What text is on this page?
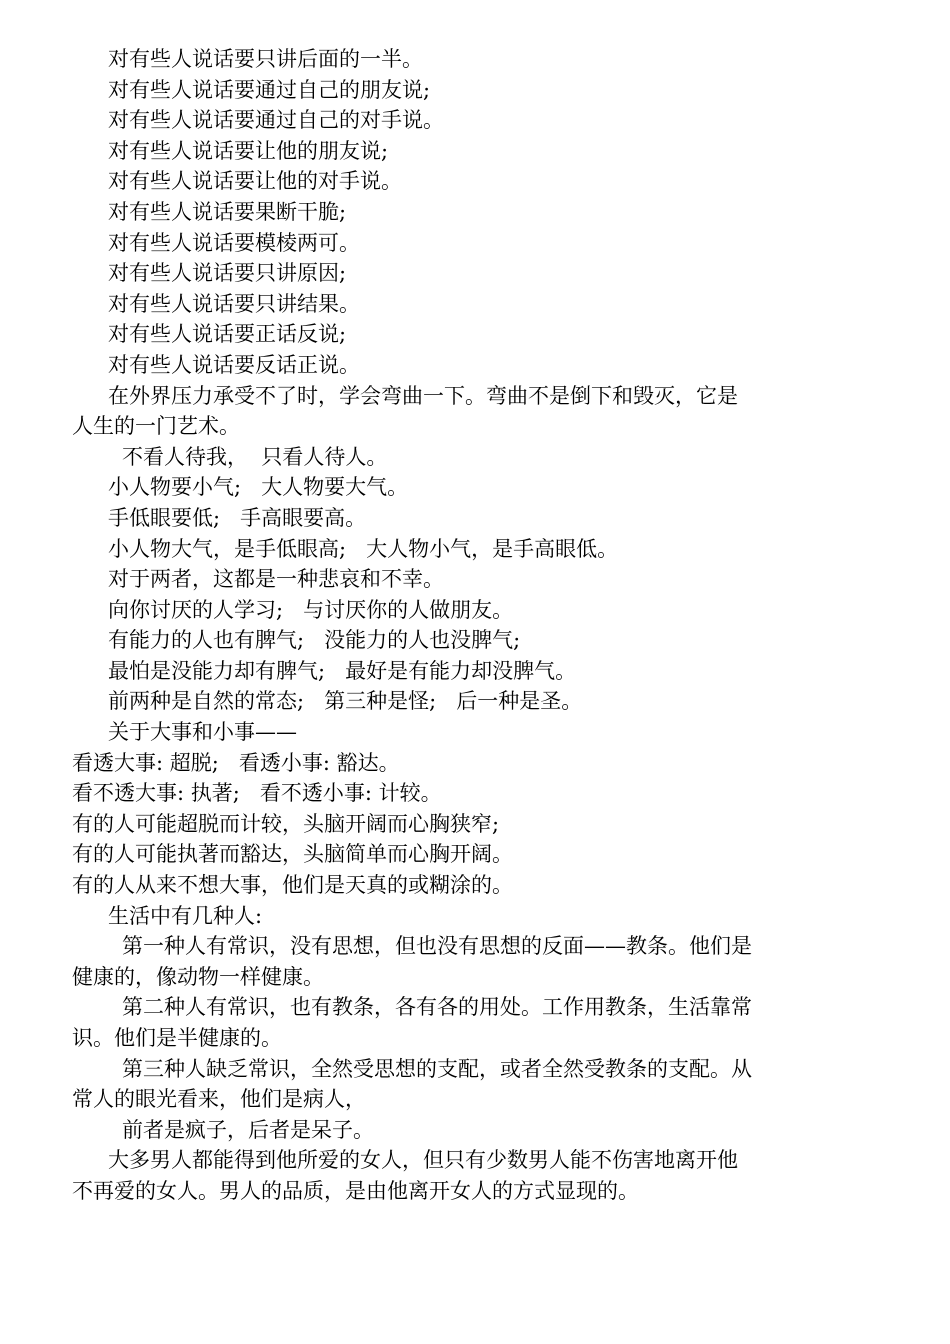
对有些人说话要只讲后面的一半。

对有些人说话要通过自己的朋友说;

对有些人说话要通过自己的对手说。

对有些人说话要让他的朋友说;

对有些人说话要让他的对手说。

对有些人说话要果断干脆;

对有些人说话要模棱两可。

对有些人说话要只讲原因;

对有些人说话要只讲结果。

对有些人说话要正话反说;

对有些人说话要反话正说。

在外界压力承受不了时，学会弯曲一下。弯曲不是倒下和毁灭，它是

人生的一门艺术。

不看人待我，  只看人待人。

小人物要小气;   大人物要大气。

手低眼要低;   手高眼要高。

小人物大气，是手低眼高;   大人物小气，是手高眼低。

对于两者，这都是一种悲哀和不幸。

向你讨厌的人学习;   与讨厌你的人做朋友。

有能力的人也有脾气;   没能力的人也没脾气;

最怕是没能力却有脾气;   最好是有能力却没脾气。

前两种是自然的常态;   第三种是怪;   后一种是圣。

关于大事和小事——

看透大事: 超脱;   看透小事: 豁达。

看不透大事: 执著;   看不透小事: 计较。

有的人可能超脱而计较，头脑开阔而心胸狭窄;

有的人可能执著而豁达，头脑简单而心胸开阔。

有的人从来不想大事，他们是天真的或糊涂的。

生活中有几种人:

第一种人有常识，没有思想，但也没有思想的反面——教条。他们是

健康的，像动物一样健康。

第二种人有常识，也有教条，各有各的用处。工作用教条，生活靠常

识。他们是半健康的。

第三种人缺乏常识，全然受思想的支配，或者全然受教条的支配。从

常人的眼光看来，他们是病人，

前者是疯子，后者是呆子。

大多男人都能得到他所爱的女人，但只有少数男人能不伤害地离开他

不再爱的女人。男人的品质，是由他离开女人的方式显现的。
